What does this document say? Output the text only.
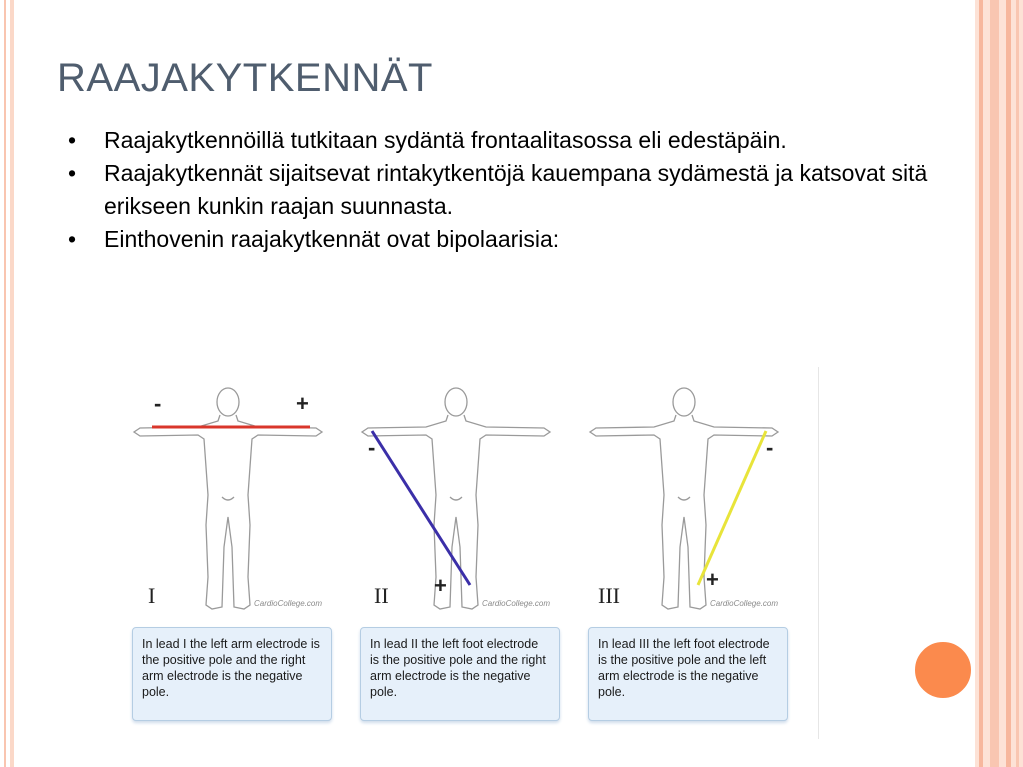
RAAJAKYTKENNÄT
• Raajakytkennöillä tutkitaan sydäntä frontaalitasossa eli edestäpäin.
• Raajakytkennät sijaitsevat rintakytkentöjä kauempana sydämestä ja katsovat sitä erikseen kunkin raajan suunnasta.
• Einthovenin raajakytkennät ovat bipolaarisia:
-	+
I	CardioCollege.com
In lead I the left arm electrode is the positive pole and the right arm electrode is the negative pole.
-
+
II	CardioCollege.com
In lead II the left foot electrode is the positive pole and the right arm electrode is the negative pole.
-
+
III	CardioCollege.com
In lead III the left foot electrode is the positive pole and the left arm electrode is the negative pole.
